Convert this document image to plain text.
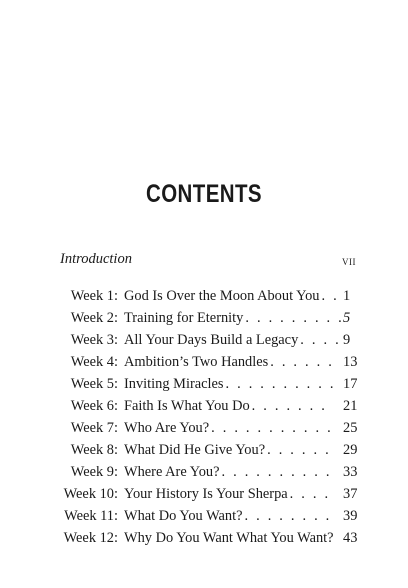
CONTENTS
Introduction	vii
Week 1: God Is Over the Moon About You . . 1
Week 2: Training for Eternity . . . . . . . . . 5
Week 3: All Your Days Build a Legacy . . . . 9
Week 4: Ambition’s Two Handles . . . . . . 13
Week 5: Inviting Miracles . . . . . . . . . . 17
Week 6: Faith Is What You Do . . . . . . . 21
Week 7: Who Are You? . . . . . . . . . . . 25
Week 8: What Did He Give You? . . . . . . 29
Week 9: Where Are You? . . . . . . . . . . 33
Week 10: Your History Is Your Sherpa . . . . 37
Week 11: What Do You Want? . . . . . . . . 39
Week 12: Why Do You Want What You Want? 43
